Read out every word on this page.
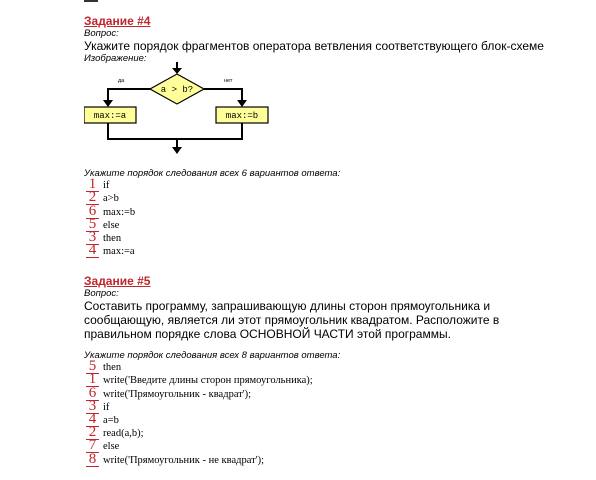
Задание #4

Вопрос:

Укажите порядок фрагментов оператора ветвления соответствующего блок-схеме

Изображение:

a > b?
да	нет
max:=a	max:=b

Укажите порядок следования всех 6 вариантов ответа:

1 if
2 a>b
6 max:=b
5 else
3 then
4 max:=a
Задание #5

Вопрос:

Составить программу, запрашивающую длины сторон прямоугольника и

сообщающую, является ли этот прямоугольник квадратом. Расположите в

правильном порядке слова ОСНОВНОЙ ЧАСТИ этой программы.

Укажите порядок следования всех 8 вариантов ответа:

5 then
1 write('Введите длины сторон прямоугольника);
6 write('Прямоугольник - квадрат');
3 if
4 a=b
2 read(a,b);
7 else
8 write('Прямоугольник - не квадрат');
